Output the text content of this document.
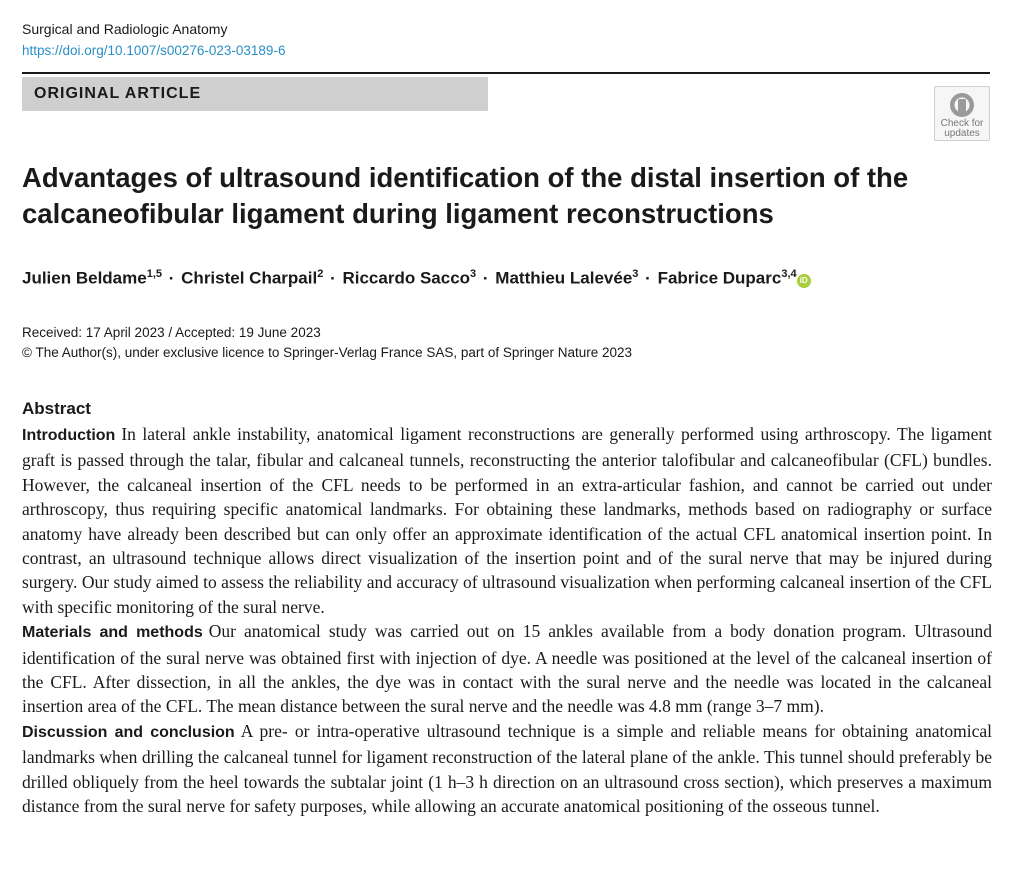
Surgical and Radiologic Anatomy
https://doi.org/10.1007/s00276-023-03189-6
ORIGINAL ARTICLE
Check for updates
Advantages of ultrasound identification of the distal insertion of the calcaneofibular ligament during ligament reconstructions
Julien Beldame$^{1,5}$ · Christel Charpail$^2$ · Riccardo Sacco$^3$ · Matthieu Lalevée$^3$ · Fabrice Duparc$^{3,4}$iD
Received: 17 April 2023 / Accepted: 19 June 2023
© The Author(s), under exclusive licence to Springer-Verlag France SAS, part of Springer Nature 2023
Abstract

Introduction In lateral ankle instability, anatomical ligament reconstructions are generally performed using arthroscopy. The ligament graft is passed through the talar, fibular and calcaneal tunnels, reconstructing the anterior talofibular and calcaneofibular (CFL) bundles. However, the calcaneal insertion of the CFL needs to be performed in an extra-articular fashion, and cannot be carried out under arthroscopy, thus requiring specific anatomical landmarks. For obtaining these landmarks, methods based on radiography or surface anatomy have already been described but can only offer an approximate identification of the actual CFL anatomical insertion point. In contrast, an ultrasound technique allows direct visualization of the insertion point and of the sural nerve that may be injured during surgery. Our study aimed to assess the reliability and accuracy of ultrasound visualization when performing calcaneal insertion of the CFL with specific monitoring of the sural nerve.

Materials and methods Our anatomical study was carried out on 15 ankles available from a body donation program. Ultrasound identification of the sural nerve was obtained first with injection of dye. A needle was positioned at the level of the calcaneal insertion of the CFL. After dissection, in all the ankles, the dye was in contact with the sural nerve and the needle was located in the calcaneal insertion area of the CFL. The mean distance between the sural nerve and the needle was 4.8 mm (range 3–7 mm).

Discussion and conclusion A pre- or intra-operative ultrasound technique is a simple and reliable means for obtaining anatomical landmarks when drilling the calcaneal tunnel for ligament reconstruction of the lateral plane of the ankle. This tunnel should preferably be drilled obliquely from the heel towards the subtalar joint (1 h–3 h direction on an ultrasound cross section), which preserves a maximum distance from the sural nerve for safety purposes, while allowing an accurate anatomical positioning of the osseous tunnel.
